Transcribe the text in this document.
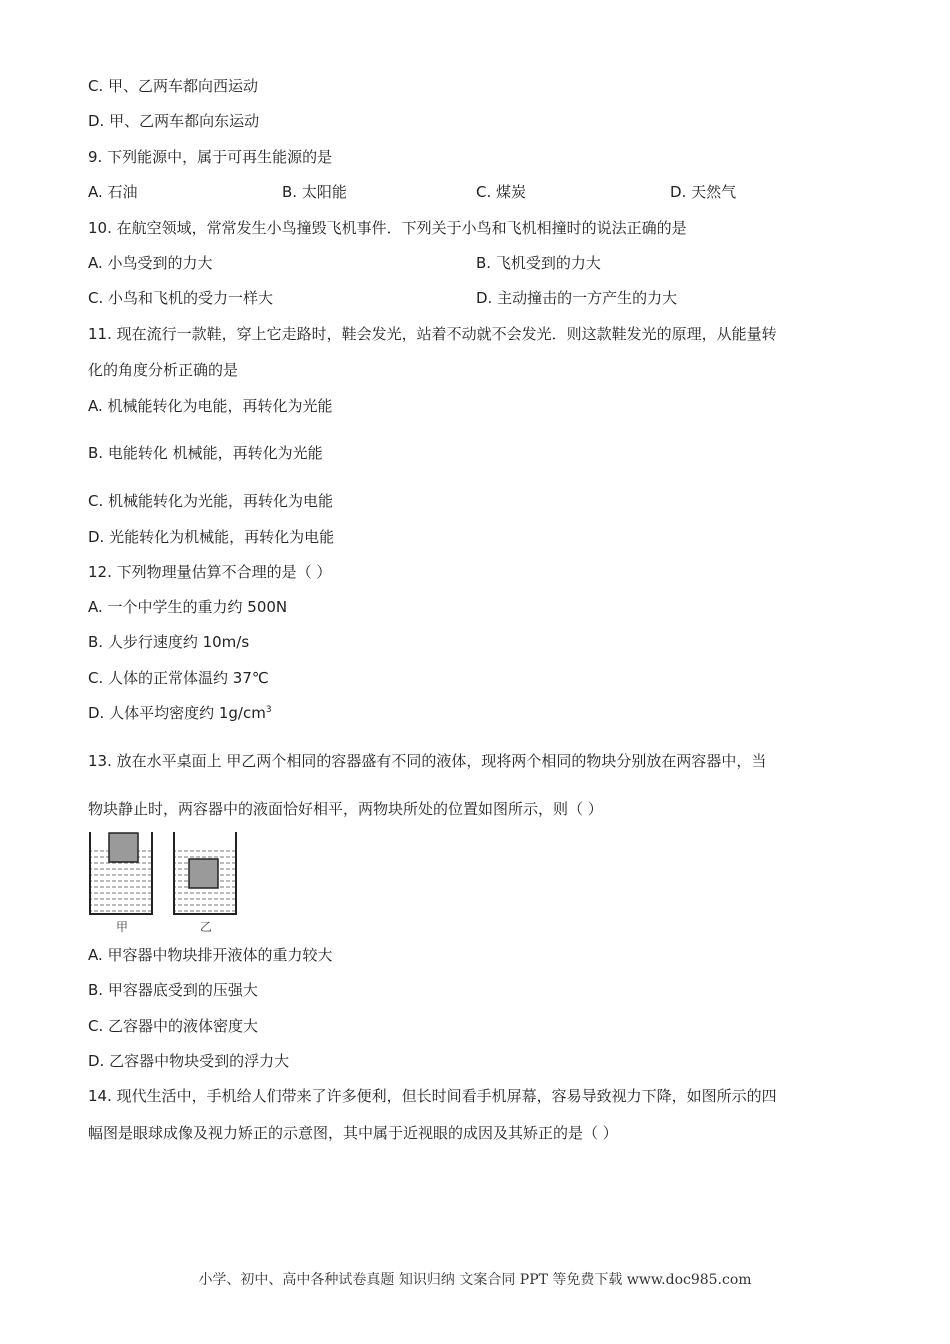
C. 甲、乙两车都向西运动
D. 甲、乙两车都向东运动
9. 下列能源中，属于可再生能源的是
A. 石油	B. 太阳能	C. 煤炭	D. 天然气
10. 在航空领域，常常发生小鸟撞毁飞机事件．下列关于小鸟和飞机相撞时的说法正确的是
A. 小鸟受到的力大	B. 飞机受到的力大
C. 小鸟和飞机的受力一样大	D. 主动撞击的一方产生的力大
11. 现在流行一款鞋，穿上它走路时，鞋会发光，站着不动就不会发光．则这款鞋发光的原理，从能量转
化的角度分析正确的是
A. 机械能转化为电能，再转化为光能
B. 电能转化 机械能，再转化为光能
C. 机械能转化为光能，再转化为电能
D. 光能转化为机械能，再转化为电能
12. 下列物理量估算不合理的是（ ）
A. 一个中学生的重力约 500N
B. 人步行速度约 10m/s
C. 人体的正常体温约 37℃
D. 人体平均密度约 $1g/cm^3$
13. 放在水平桌面上 甲乙两个相同的容器盛有不同的液体，现将两个相同的物块分别放在两容器中，当
物块静止时，两容器中的液面恰好相平，两物块所处的位置如图所示，则（ ）
甲	乙
A. 甲容器中物块排开液体的重力较大
B. 甲容器底受到的压强大
C. 乙容器中的液体密度大
D. 乙容器中物块受到的浮力大
14. 现代生活中，手机给人们带来了许多便利，但长时间看手机屏幕，容易导致视力下降，如图所示的四
幅图是眼球成像及视力矫正的示意图，其中属于近视眼的成因及其矫正的是（ ）
小学、初中、高中各种试卷真题 知识归纳 文案合同 PPT 等免费下载 www.doc985.com
